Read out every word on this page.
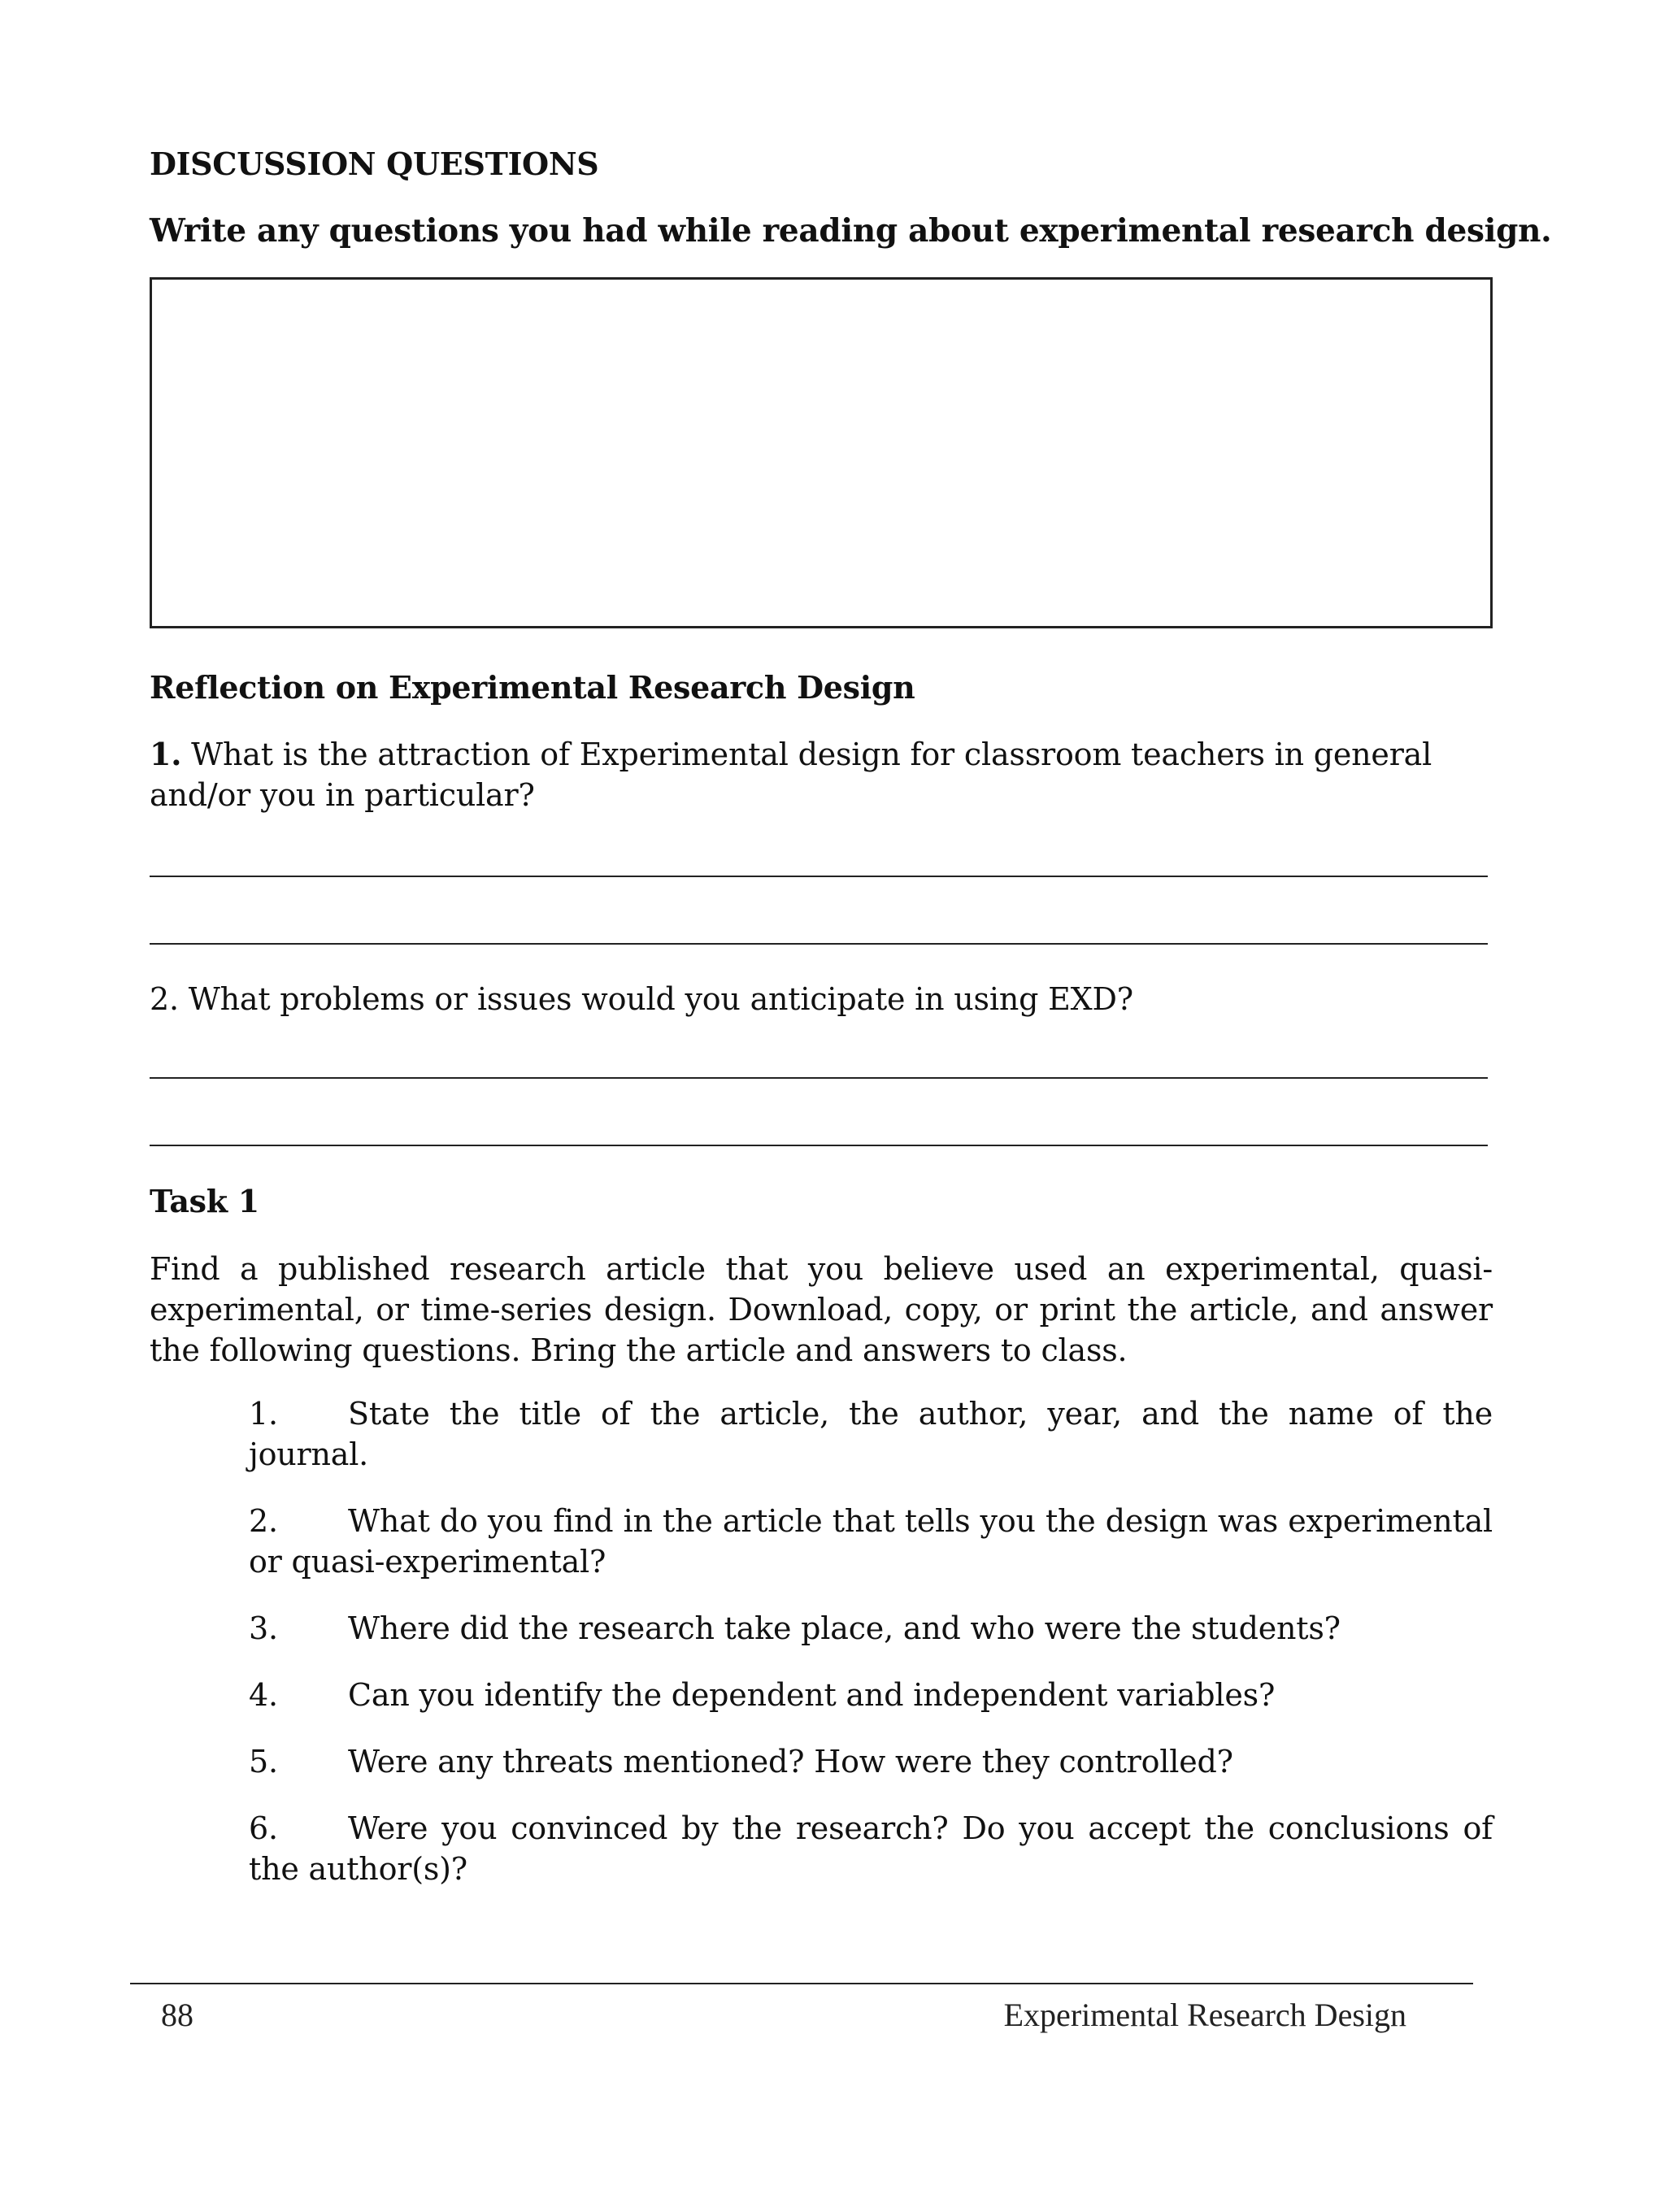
DISCUSSION QUESTIONS
Write any questions you had while reading about experimental research design.
Reflection on Experimental Research Design
1. What is the attraction of Experimental design for classroom teachers in general and/or you in particular?
2. What problems or issues would you anticipate in using EXD?
Task 1
Find a published research article that you believe used an experimental, quasi-experimental, or time-series design. Download, copy, or print the article, and answer the following questions. Bring the article and answers to class.
1. State the title of the article, the author, year, and the name of the journal.
2. What do you find in the article that tells you the design was experimental or quasi-experimental?
3. Where did the research take place, and who were the students?
4. Can you identify the dependent and independent variables?
5. Were any threats mentioned? How were they controlled?
6. Were you convinced by the research? Do you accept the conclusions of the author(s)?
88	Experimental Research Design
